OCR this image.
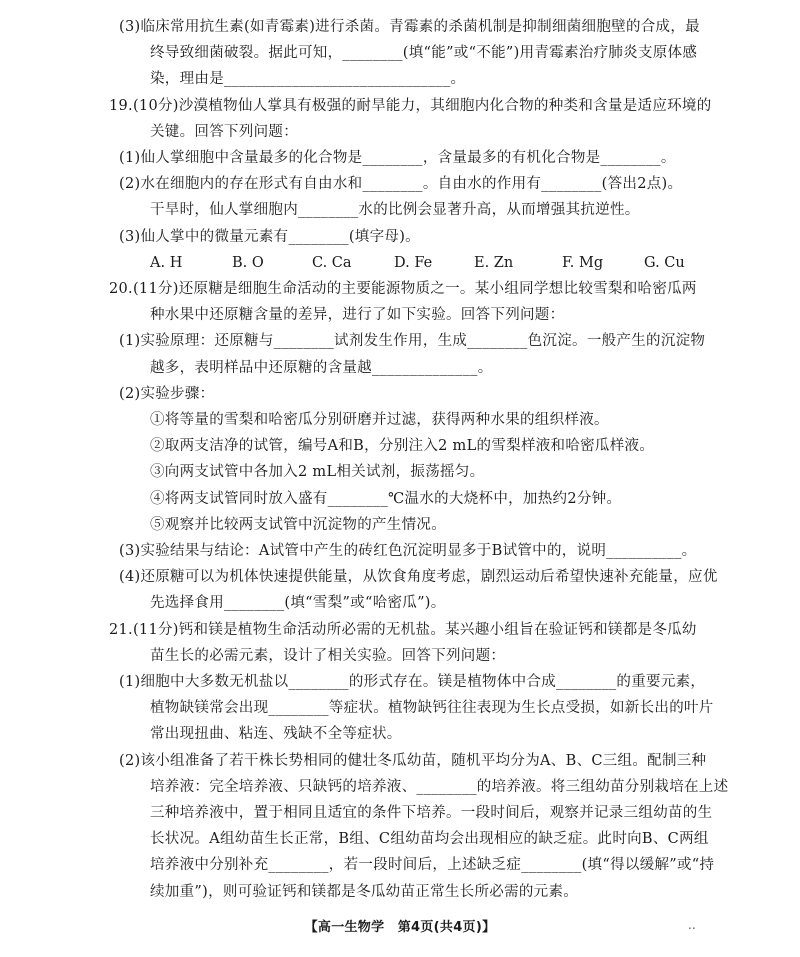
(3)临床常用抗生素(如青霉素)进行杀菌。青霉素的杀菌机制是抑制细菌细胞壁的合成，最
终导致细菌破裂。据此可知，________(填“能”或“不能”)用青霉素治疗肺炎支原体感
染，理由是______________________________。
19.(10分)沙漠植物仙人掌具有极强的耐旱能力，其细胞内化合物的种类和含量是适应环境的
关键。回答下列问题：
(1)仙人掌细胞中含量最多的化合物是________，含量最多的有机化合物是________。
(2)水在细胞内的存在形式有自由水和________。自由水的作用有________(答出2点)。
干旱时，仙人掌细胞内________水的比例会显著升高，从而增强其抗逆性。
(3)仙人掌中的微量元素有________(填字母)。
A. H	B. O	C. Ca	D. Fe	E. Zn	F. Mg	G. Cu
20.(11分)还原糖是细胞生命活动的主要能源物质之一。某小组同学想比较雪梨和哈密瓜两
种水果中还原糖含量的差异，进行了如下实验。回答下列问题：
(1)实验原理：还原糖与________试剂发生作用，生成________色沉淀。一般产生的沉淀物
越多，表明样品中还原糖的含量越______________。
(2)实验步骤：
①将等量的雪梨和哈密瓜分别研磨并过滤，获得两种水果的组织样液。
②取两支洁净的试管，编号A和B，分别注入2 mL的雪梨样液和哈密瓜样液。
③向两支试管中各加入2 mL相关试剂，振荡摇匀。
④将两支试管同时放入盛有________℃温水的大烧杯中，加热约2分钟。
⑤观察并比较两支试管中沉淀物的产生情况。
(3)实验结果与结论：A试管中产生的砖红色沉淀明显多于B试管中的，说明__________。
(4)还原糖可以为机体快速提供能量，从饮食角度考虑，剧烈运动后希望快速补充能量，应优
先选择食用________(填“雪梨”或“哈密瓜”)。
21.(11分)钙和镁是植物生命活动所必需的无机盐。某兴趣小组旨在验证钙和镁都是冬瓜幼
苗生长的必需元素，设计了相关实验。回答下列问题：
(1)细胞中大多数无机盐以________的形式存在。镁是植物体中合成________的重要元素，
植物缺镁常会出现________等症状。植物缺钙往往表现为生长点受损，如新长出的叶片
常出现扭曲、粘连、残缺不全等症状。
(2)该小组准备了若干株长势相同的健壮冬瓜幼苗，随机平均分为A、B、C三组。配制三种
培养液：完全培养液、只缺钙的培养液、________的培养液。将三组幼苗分别栽培在上述
三种培养液中，置于相同且适宜的条件下培养。一段时间后，观察并记录三组幼苗的生
长状况。A组幼苗生长正常，B组、C组幼苗均会出现相应的缺乏症。此时向B、C两组
培养液中分别补充________，若一段时间后，上述缺乏症________(填“得以缓解”或“持
续加重”)，则可验证钙和镁都是冬瓜幼苗正常生长所必需的元素。
【高一生物学　第4页(共4页)】	..
